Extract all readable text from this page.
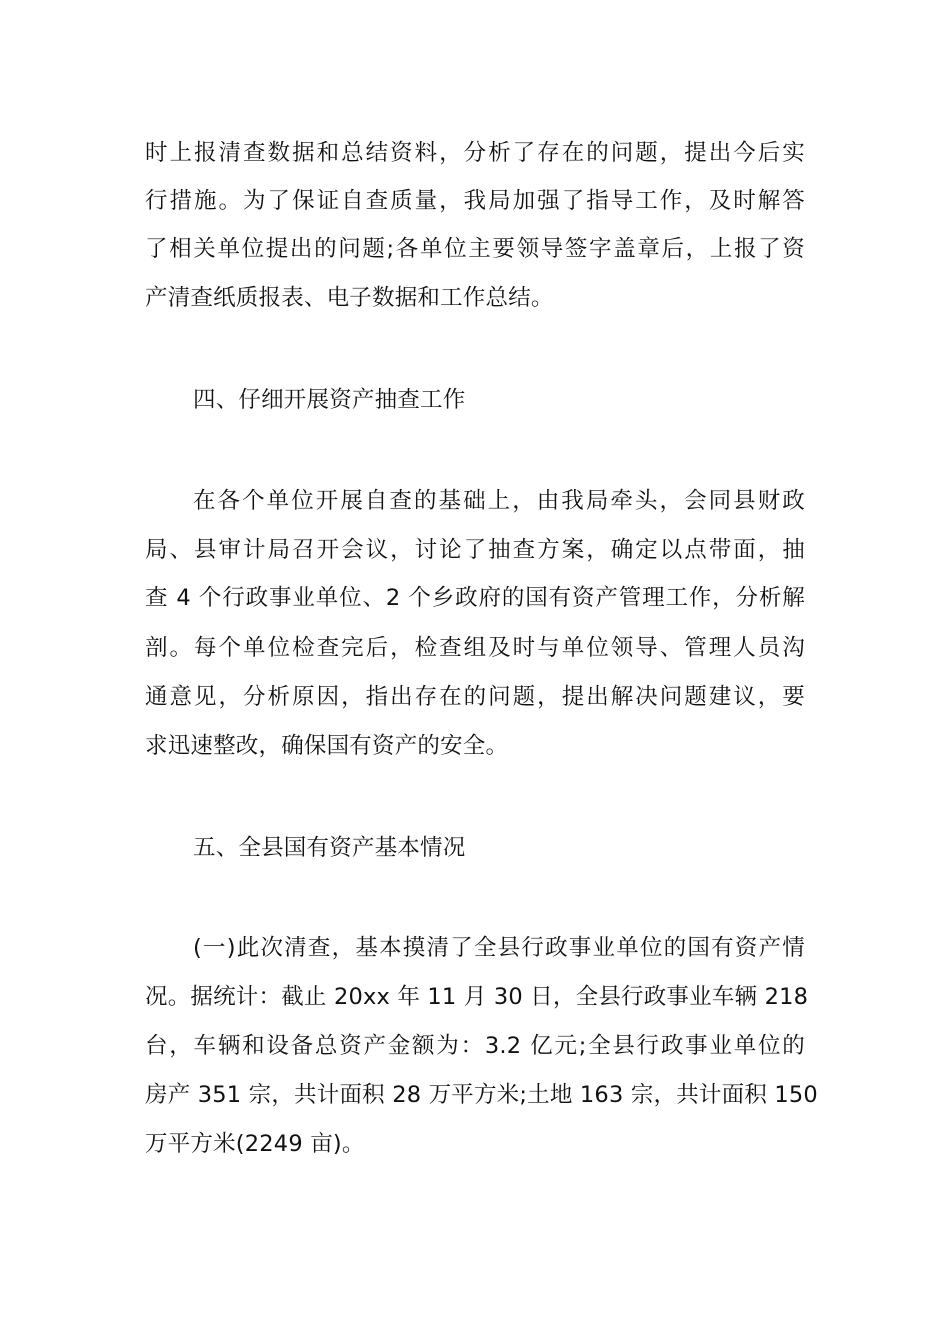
时上报清查数据和总结资料，分析了存在的问题，提出今后实
行措施。为了保证自查质量，我局加强了指导工作，及时解答
了相关单位提出的问题;各单位主要领导签字盖章后，上报了资
产清查纸质报表、电子数据和工作总结。
四、仔细开展资产抽查工作
在各个单位开展自查的基础上，由我局牵头，会同县财政
局、县审计局召开会议，讨论了抽查方案，确定以点带面，抽
查 4 个行政事业单位、2 个乡政府的国有资产管理工作，分析解
剖。每个单位检查完后，检查组及时与单位领导、管理人员沟
通意见，分析原因，指出存在的问题，提出解决问题建议，要
求迅速整改，确保国有资产的安全。
五、全县国有资产基本情况
(一)此次清查，基本摸清了全县行政事业单位的国有资产情
况。据统计：截止 20xx 年 11 月 30 日，全县行政事业车辆 218
台，车辆和设备总资产金额为：3.2 亿元;全县行政事业单位的
房产 351 宗，共计面积 28 万平方米;土地 163 宗，共计面积 150
万平方米(2249 亩)。
